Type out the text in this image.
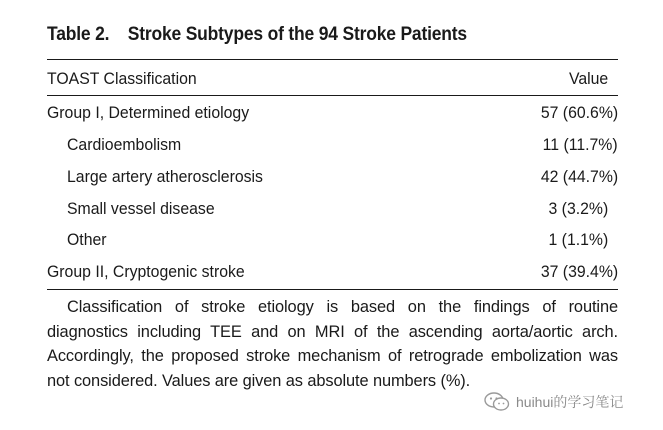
Table 2. Stroke Subtypes of the 94 Stroke Patients
TOAST Classification	Value
Group I, Determined etiology	57 (60.6%)
Cardioembolism	11 (11.7%)
Large artery atherosclerosis	42 (44.7%)
Small vessel disease	3 (3.2%)
Other	1 (1.1%)
Group II, Cryptogenic stroke	37 (39.4%)
Classification of stroke etiology is based on the findings of routine diagnostics including TEE and on MRI of the ascending aorta/aortic arch. Accordingly, the proposed stroke mechanism of retrograde embolization was not considered. Values are given as absolute numbers (%).
huihui的学习笔记
